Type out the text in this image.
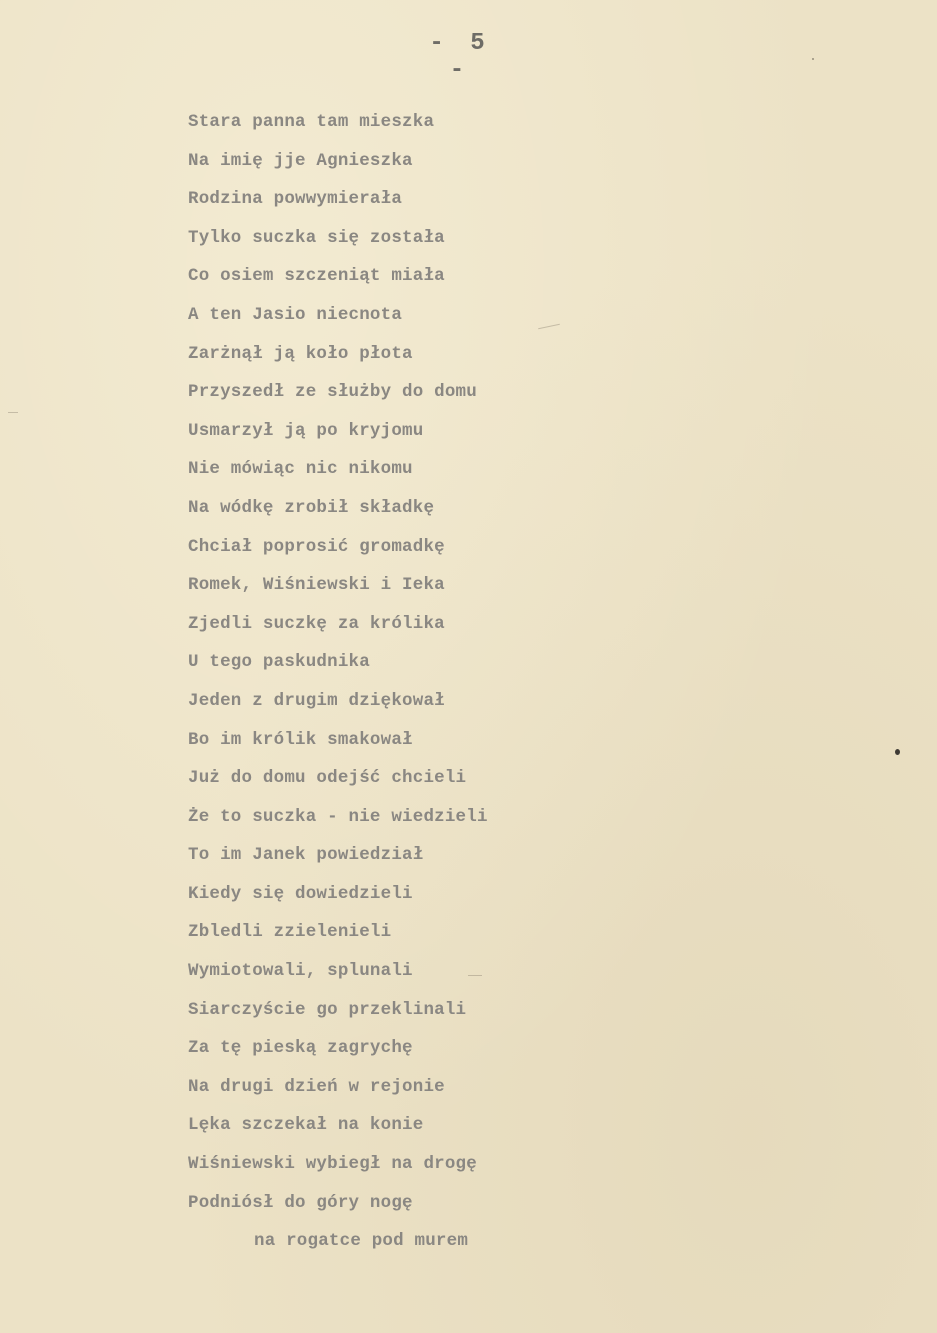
- 5 -
Stara panna tam mieszka
Na imię jje Agnieszka
Rodzina powwymierała
Tylko suczka się została
Co osiem szczeniąt miała
A ten Jasio niecnota
Zarżnął ją koło płota
Przyszedł ze służby do domu
Usmarzył ją po kryjomu
Nie mówiąc nic nikomu
Na wódkę zrobił składkę
Chciał poprosić gromadkę
Romek, Wiśniewski i Ieka
Zjedli suczkę za królika
U tego paskudnika
Jeden z drugim dziękował
Bo im królik smakował
Już do domu odejść chcieli
Że to suczka - nie wiedzieli
To im Janek powiedział
Kiedy się dowiedzieli
Zbledli zzielenieli
Wymiotowali, splunali
Siarczyście go przeklinali
Za tę pieską zagrychę
Na drugi dzień w rejonie
Lęka szczekał na konie
Wiśniewski wybiegł na drogę
Podniósł do góry nogę
na rogatce pod murem
